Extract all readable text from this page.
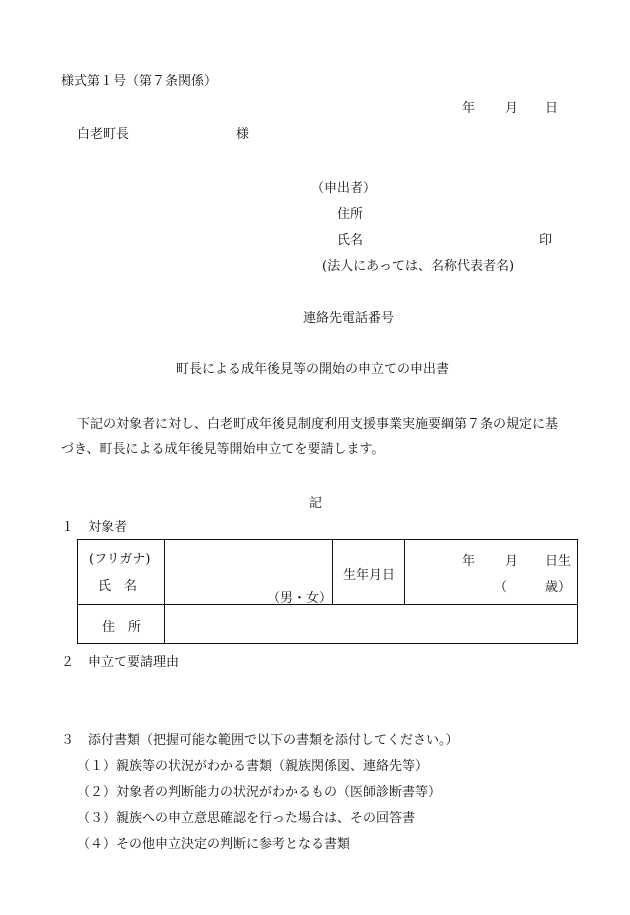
様式第１号（第７条関係）
年 月 日
白老町長	様
（申出者）
住所
氏名	印
(法人にあっては、名称代表者名)
連絡先電話番号
町長による成年後見等の開始の申立ての申出書
下記の対象者に対し、白老町成年後見制度利用支援事業実施要綱第７条の規定に基
づき、町長による成年後見等開始申立てを要請します。
記
１ 対象者
(フリガナ)
氏　名	（男・女）	生年月日	年 月 日生
（ 歳）

住　所			

２ 申立て要請理由
３ 添付書類（把握可能な範囲で以下の書類を添付してください。）
（１）親族等の状況がわかる書類（親族関係図、連絡先等）
（２）対象者の判断能力の状況がわかるもの（医師診断書等）
（３）親族への申立意思確認を行った場合は、その回答書
（４）その他申立決定の判断に参考となる書類
